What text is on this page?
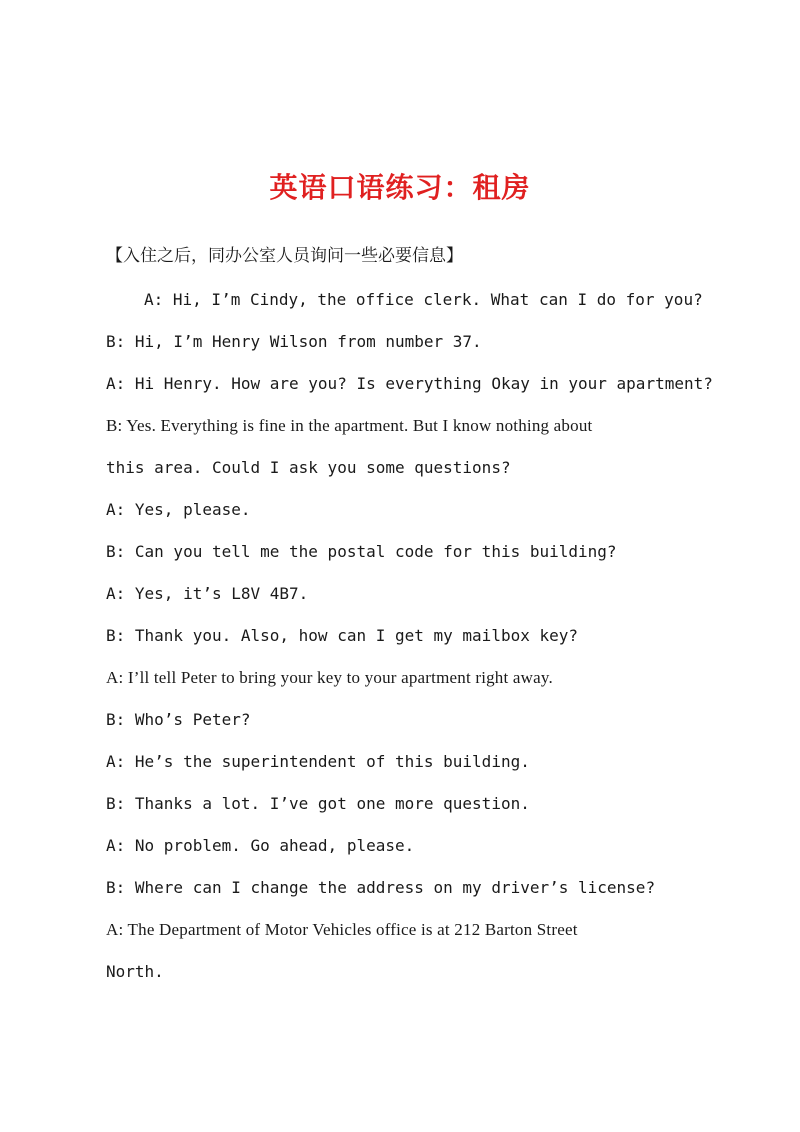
英语口语练习：租房
【入住之后，同办公室人员询问一些必要信息】
A: Hi, I’m Cindy, the office clerk. What can I do for you?
B: Hi, I’m Henry Wilson from number 37.
A: Hi Henry. How are you? Is everything Okay in your apartment?
B: Yes. Everything is fine in the apartment. But I know nothing about
this area. Could I ask you some questions?
A: Yes, please.
B: Can you tell me the postal code for this building?
A: Yes, it’s L8V 4B7.
B: Thank you. Also, how can I get my mailbox key?
A: I’ll tell Peter to bring your key to your apartment right away.
B: Who’s Peter?
A: He’s the superintendent of this building.
B: Thanks a lot. I’ve got one more question.
A: No problem. Go ahead, please.
B: Where can I change the address on my driver’s license?
A: The Department of Motor Vehicles office is at 212 Barton Street
North.
